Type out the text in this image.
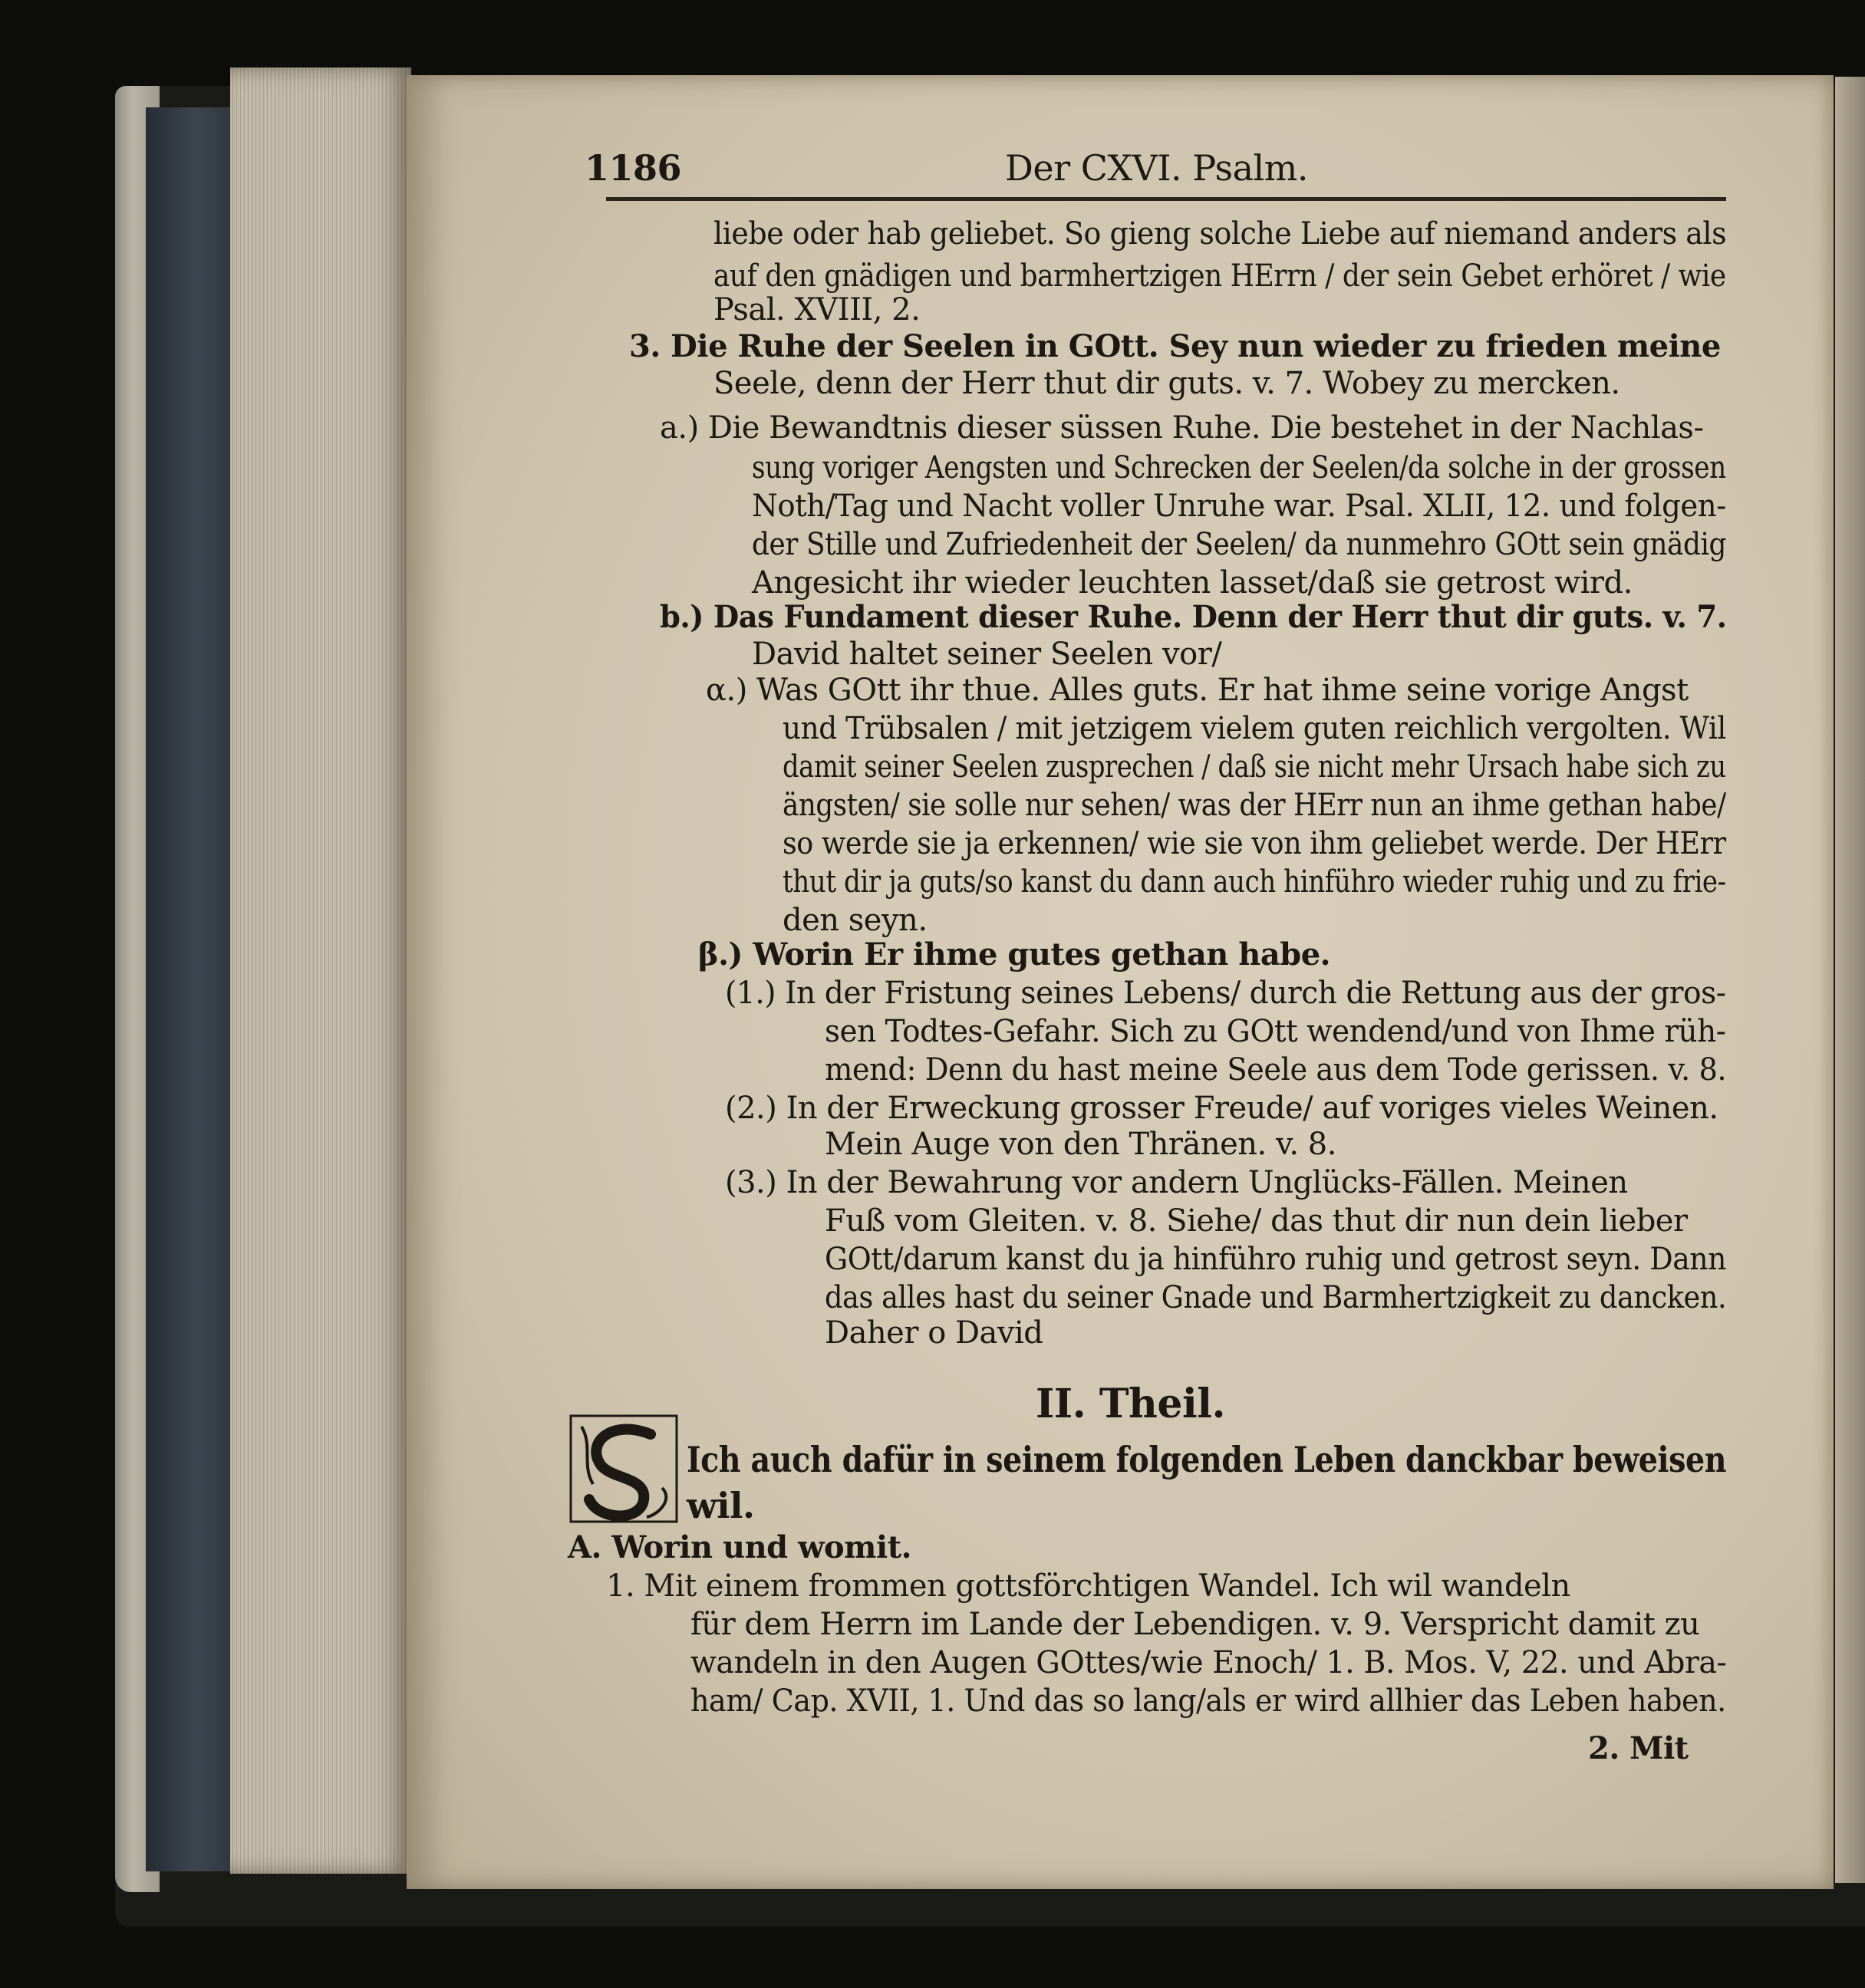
1186	Der CXVI. Psalm.
liebe oder hab geliebet. So gieng solche Liebe auf niemand anders als
auf den gnädigen und barmhertzigen HErrn / der sein Gebet erhöret / wie
Psal. XVIII, 2.
3. Die Ruhe der Seelen in GOtt. Sey nun wieder zu frieden meine
Seele, denn der Herr thut dir guts. v. 7. Wobey zu mercken.
a.) Die Bewandtnis dieser süssen Ruhe. Die bestehet in der Nachlas-
sung voriger Aengsten und Schrecken der Seelen/da solche in der grossen
Noth/Tag und Nacht voller Unruhe war. Psal. XLII, 12. und folgen-
der Stille und Zufriedenheit der Seelen/ da nunmehro GOtt sein gnädig
Angesicht ihr wieder leuchten lasset/daß sie getrost wird.
b.) Das Fundament dieser Ruhe. Denn der Herr thut dir guts. v. 7.
David haltet seiner Seelen vor/
α.) Was GOtt ihr thue. Alles guts. Er hat ihme seine vorige Angst
und Trübsalen / mit jetzigem vielem guten reichlich vergolten. Wil
damit seiner Seelen zusprechen / daß sie nicht mehr Ursach habe sich zu
ängsten/ sie solle nur sehen/ was der HErr nun an ihme gethan habe/
so werde sie ja erkennen/ wie sie von ihm geliebet werde. Der HErr
thut dir ja guts/so kanst du dann auch hinführo wieder ruhig und zu frie-
den seyn.
β.) Worin Er ihme gutes gethan habe.
(1.) In der Fristung seines Lebens/ durch die Rettung aus der gros-
sen Todtes-Gefahr. Sich zu GOtt wendend/und von Ihme rüh-
mend: Denn du hast meine Seele aus dem Tode gerissen. v. 8.
(2.) In der Erweckung grosser Freude/ auf voriges vieles Weinen.
Mein Auge von den Thränen. v. 8.
(3.) In der Bewahrung vor andern Unglücks-Fällen. Meinen
Fuß vom Gleiten. v. 8. Siehe/ das thut dir nun dein lieber
GOtt/darum kanst du ja hinführo ruhig und getrost seyn. Dann
das alles hast du seiner Gnade und Barmhertzigkeit zu dancken.
Daher o David
II. Theil.
Ich auch dafür in seinem folgenden Leben danckbar beweisen
wil.
A. Worin und womit.
1. Mit einem frommen gottsförchtigen Wandel. Ich wil wandeln
für dem Herrn im Lande der Lebendigen. v. 9. Verspricht damit zu
wandeln in den Augen GOttes/wie Enoch/ 1. B. Mos. V, 22. und Abra-
ham/ Cap. XVII, 1. Und das so lang/als er wird allhier das Leben haben.
2. Mit
